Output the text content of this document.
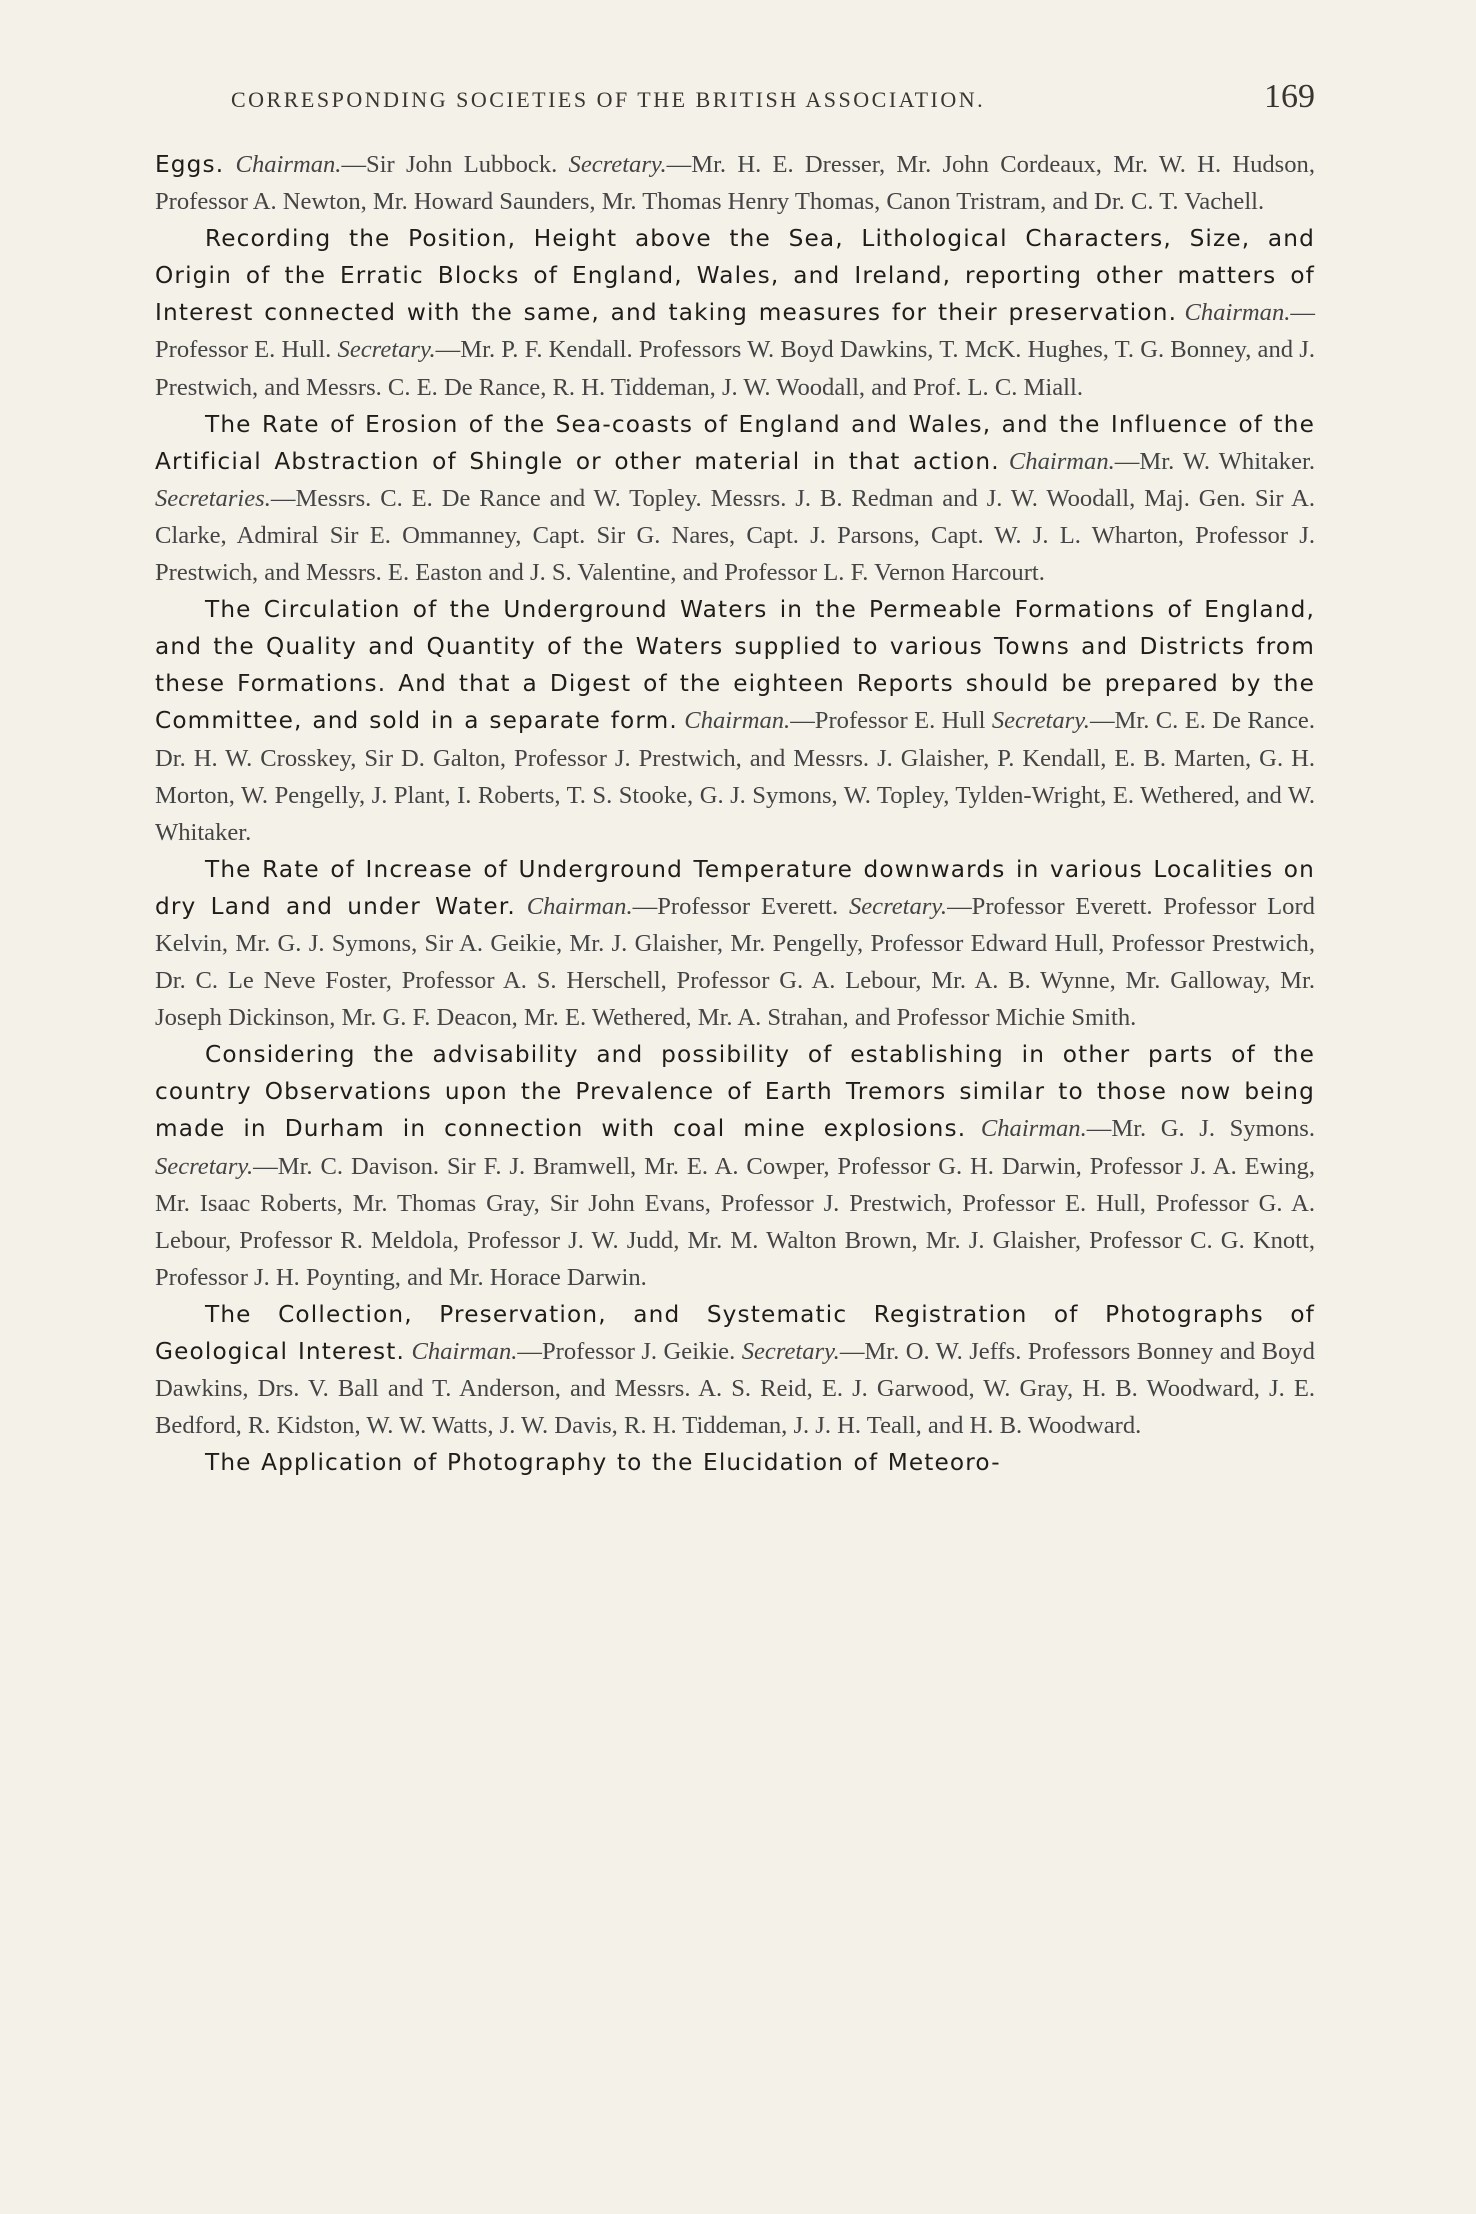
CORRESPONDING SOCIETIES OF THE BRITISH ASSOCIATION.	169

Eggs. Chairman.—Sir John Lubbock. Secretary.—Mr. H. E. Dresser, Mr. John Cordeaux, Mr. W. H. Hudson, Professor A. Newton, Mr. Howard Saunders, Mr. Thomas Henry Thomas, Canon Tristram, and Dr. C. T. Vachell.

Recording the Position, Height above the Sea, Lithological Characters, Size, and Origin of the Erratic Blocks of England, Wales, and Ireland, reporting other matters of Interest connected with the same, and taking measures for their preservation. Chairman.—Professor E. Hull. Secretary.—Mr. P. F. Kendall. Professors W. Boyd Dawkins, T. McK. Hughes, T. G. Bonney, and J. Prestwich, and Messrs. C. E. De Rance, R. H. Tiddeman, J. W. Woodall, and Prof. L. C. Miall.

The Rate of Erosion of the Sea-coasts of England and Wales, and the Influence of the Artificial Abstraction of Shingle or other material in that action. Chairman.—Mr. W. Whitaker. Secretaries.—Messrs. C. E. De Rance and W. Topley. Messrs. J. B. Redman and J. W. Woodall, Maj. Gen. Sir A. Clarke, Admiral Sir E. Ommanney, Capt. Sir G. Nares, Capt. J. Parsons, Capt. W. J. L. Wharton, Professor J. Prestwich, and Messrs. E. Easton and J. S. Valentine, and Professor L. F. Vernon Harcourt.

The Circulation of the Underground Waters in the Permeable Formations of England, and the Quality and Quantity of the Waters supplied to various Towns and Districts from these Formations. And that a Digest of the eighteen Reports should be prepared by the Committee, and sold in a separate form. Chairman.—Professor E. Hull Secretary.—Mr. C. E. De Rance. Dr. H. W. Crosskey, Sir D. Galton, Professor J. Prestwich, and Messrs. J. Glaisher, P. Kendall, E. B. Marten, G. H. Morton, W. Pengelly, J. Plant, I. Roberts, T. S. Stooke, G. J. Symons, W. Topley, Tylden-Wright, E. Wethered, and W. Whitaker.

The Rate of Increase of Underground Temperature downwards in various Localities on dry Land and under Water. Chairman.—Professor Everett. Secretary.—Professor Everett. Professor Lord Kelvin, Mr. G. J. Symons, Sir A. Geikie, Mr. J. Glaisher, Mr. Pengelly, Professor Edward Hull, Professor Prestwich, Dr. C. Le Neve Foster, Professor A. S. Herschell, Professor G. A. Lebour, Mr. A. B. Wynne, Mr. Galloway, Mr. Joseph Dickinson, Mr. G. F. Deacon, Mr. E. Wethered, Mr. A. Strahan, and Professor Michie Smith.

Considering the advisability and possibility of establishing in other parts of the country Observations upon the Prevalence of Earth Tremors similar to those now being made in Durham in connection with coal mine explosions. Chairman.—Mr. G. J. Symons. Secretary.—Mr. C. Davison. Sir F. J. Bramwell, Mr. E. A. Cowper, Professor G. H. Darwin, Professor J. A. Ewing, Mr. Isaac Roberts, Mr. Thomas Gray, Sir John Evans, Professor J. Prestwich, Professor E. Hull, Professor G. A. Lebour, Professor R. Meldola, Professor J. W. Judd, Mr. M. Walton Brown, Mr. J. Glaisher, Professor C. G. Knott, Professor J. H. Poynting, and Mr. Horace Darwin.

The Collection, Preservation, and Systematic Registration of Photographs of Geological Interest. Chairman.—Professor J. Geikie. Secretary.—Mr. O. W. Jeffs. Professors Bonney and Boyd Dawkins, Drs. V. Ball and T. Anderson, and Messrs. A. S. Reid, E. J. Garwood, W. Gray, H. B. Woodward, J. E. Bedford, R. Kidston, W. W. Watts, J. W. Davis, R. H. Tiddeman, J. J. H. Teall, and H. B. Woodward.

The Application of Photography to the Elucidation of Meteoro-
